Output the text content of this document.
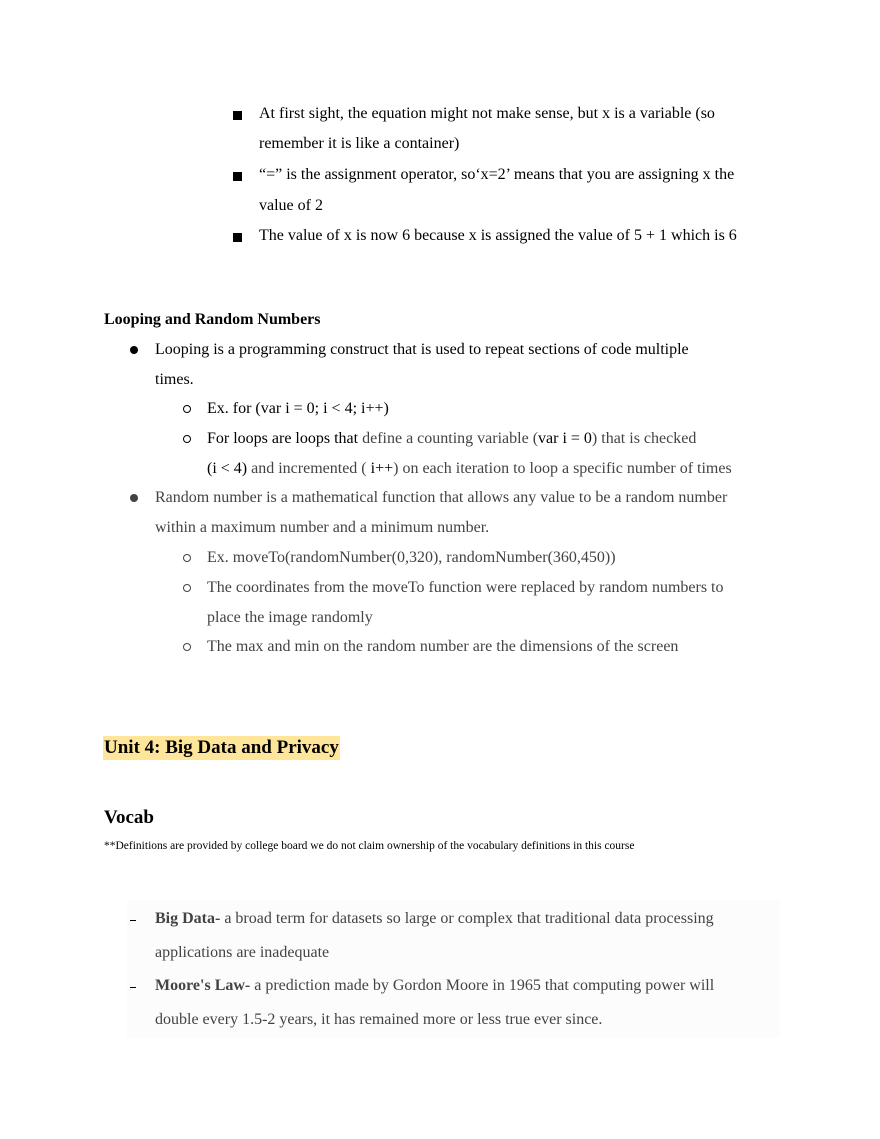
At first sight, the equation might not make sense, but x is a variable (so
remember it is like a container)
“=” is the assignment operator, so‘x=2’ means that you are assigning x the
value of 2
The value of x is now 6 because x is assigned the value of 5 + 1 which is 6
Looping and Random Numbers
Looping is a programming construct that is used to repeat sections of code multiple
times.
Ex. for (var i = 0; i < 4; i++)
For loops are loops that define a counting variable (var i = 0) that is checked
(i < 4) and incremented ( i++) on each iteration to loop a specific number of times
Random number is a mathematical function that allows any value to be a random number
within a maximum number and a minimum number.
Ex. moveTo(randomNumber(0,320), randomNumber(360,450))
The coordinates from the moveTo function were replaced by random numbers to
place the image randomly
The max and min on the random number are the dimensions of the screen
Unit 4: Big Data and Privacy
Vocab
**Definitions are provided by college board we do not claim ownership of the vocabulary definitions in this course
Big Data- a broad term for datasets so large or complex that traditional data processing
applications are inadequate
Moore's Law- a prediction made by Gordon Moore in 1965 that computing power will
double every 1.5-2 years, it has remained more or less true ever since.
